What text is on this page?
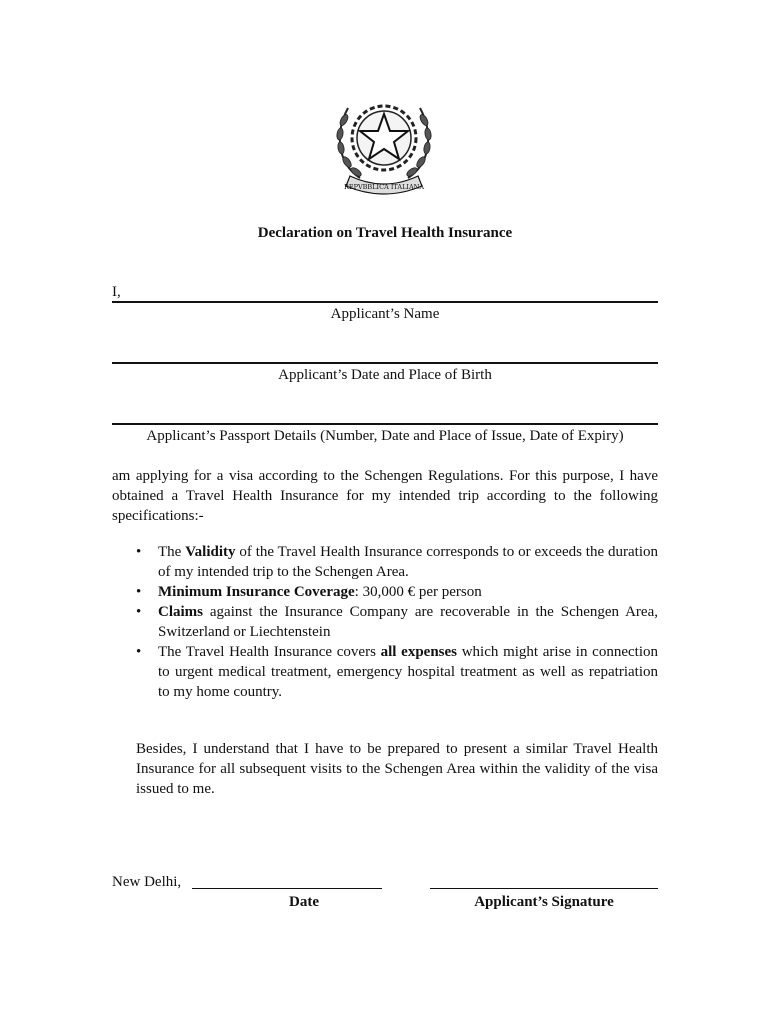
REPVBBLICA ITALIANA
Declaration on Travel Health Insurance
I,
Applicant’s Name
Applicant’s Date and Place of Birth
Applicant’s Passport Details (Number, Date and Place of Issue, Date of Expiry)
am applying for a visa according to the Schengen Regulations. For this purpose, I have obtained a Travel Health Insurance for my intended trip according to the following specifications:-
• The Validity of the Travel Health Insurance corresponds to or exceeds the duration of my intended trip to the Schengen Area.
• Minimum Insurance Coverage: 30,000 € per person
• Claims against the Insurance Company are recoverable in the Schengen Area, Switzerland or Liechtenstein
• The Travel Health Insurance covers all expenses which might arise in connection to urgent medical treatment, emergency hospital treatment as well as repatriation to my home country.
Besides, I understand that I have to be prepared to present a similar Travel Health Insurance for all subsequent visits to the Schengen Area within the validity of the visa issued to me.
New Delhi,
Date	Applicant’s Signature
